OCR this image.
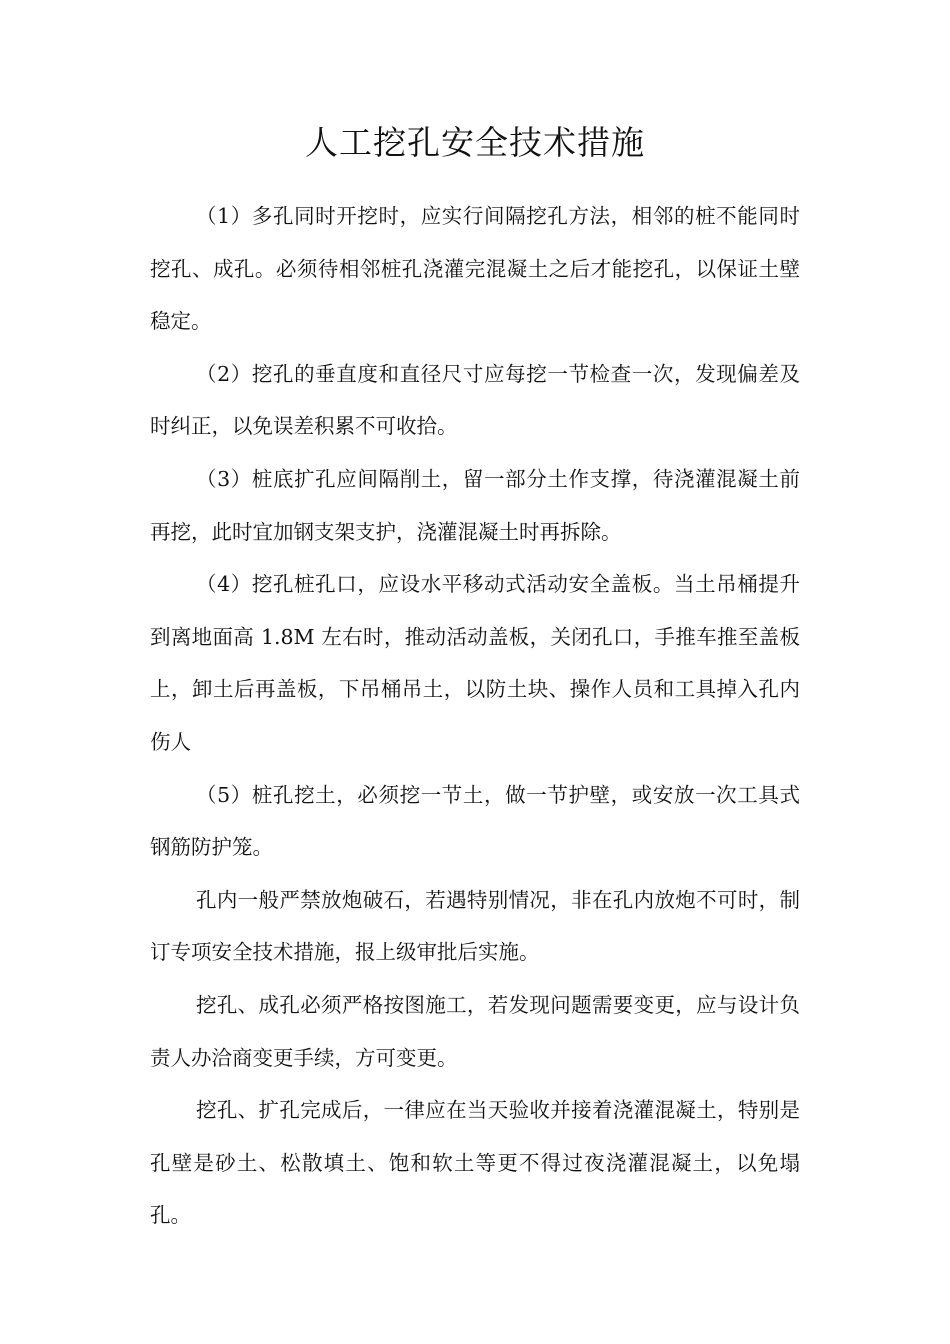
人工挖孔安全技术措施

（1）多孔同时开挖时，应实行间隔挖孔方法，相邻的桩不能同时挖孔、成孔。必须待相邻桩孔浇灌完混凝土之后才能挖孔，以保证土壁稳定。

（2）挖孔的垂直度和直径尺寸应每挖一节检查一次，发现偏差及时纠正，以免误差积累不可收拾。

（3）桩底扩孔应间隔削土，留一部分土作支撑，待浇灌混凝土前再挖，此时宜加钢支架支护，浇灌混凝土时再拆除。

（4）挖孔桩孔口，应设水平移动式活动安全盖板。当土吊桶提升到离地面高 1.8M 左右时，推动活动盖板，关闭孔口，手推车推至盖板上，卸土后再盖板，下吊桶吊土，以防土块、操作人员和工具掉入孔内伤人

（5）桩孔挖土，必须挖一节土，做一节护壁，或安放一次工具式钢筋防护笼。

孔内一般严禁放炮破石，若遇特别情况，非在孔内放炮不可时，制订专项安全技术措施，报上级审批后实施。

挖孔、成孔必须严格按图施工，若发现问题需要变更，应与设计负责人办洽商变更手续，方可变更。

挖孔、扩孔完成后，一律应在当天验收并接着浇灌混凝土，特别是孔壁是砂土、松散填土、饱和软土等更不得过夜浇灌混凝土，以免塌孔。
